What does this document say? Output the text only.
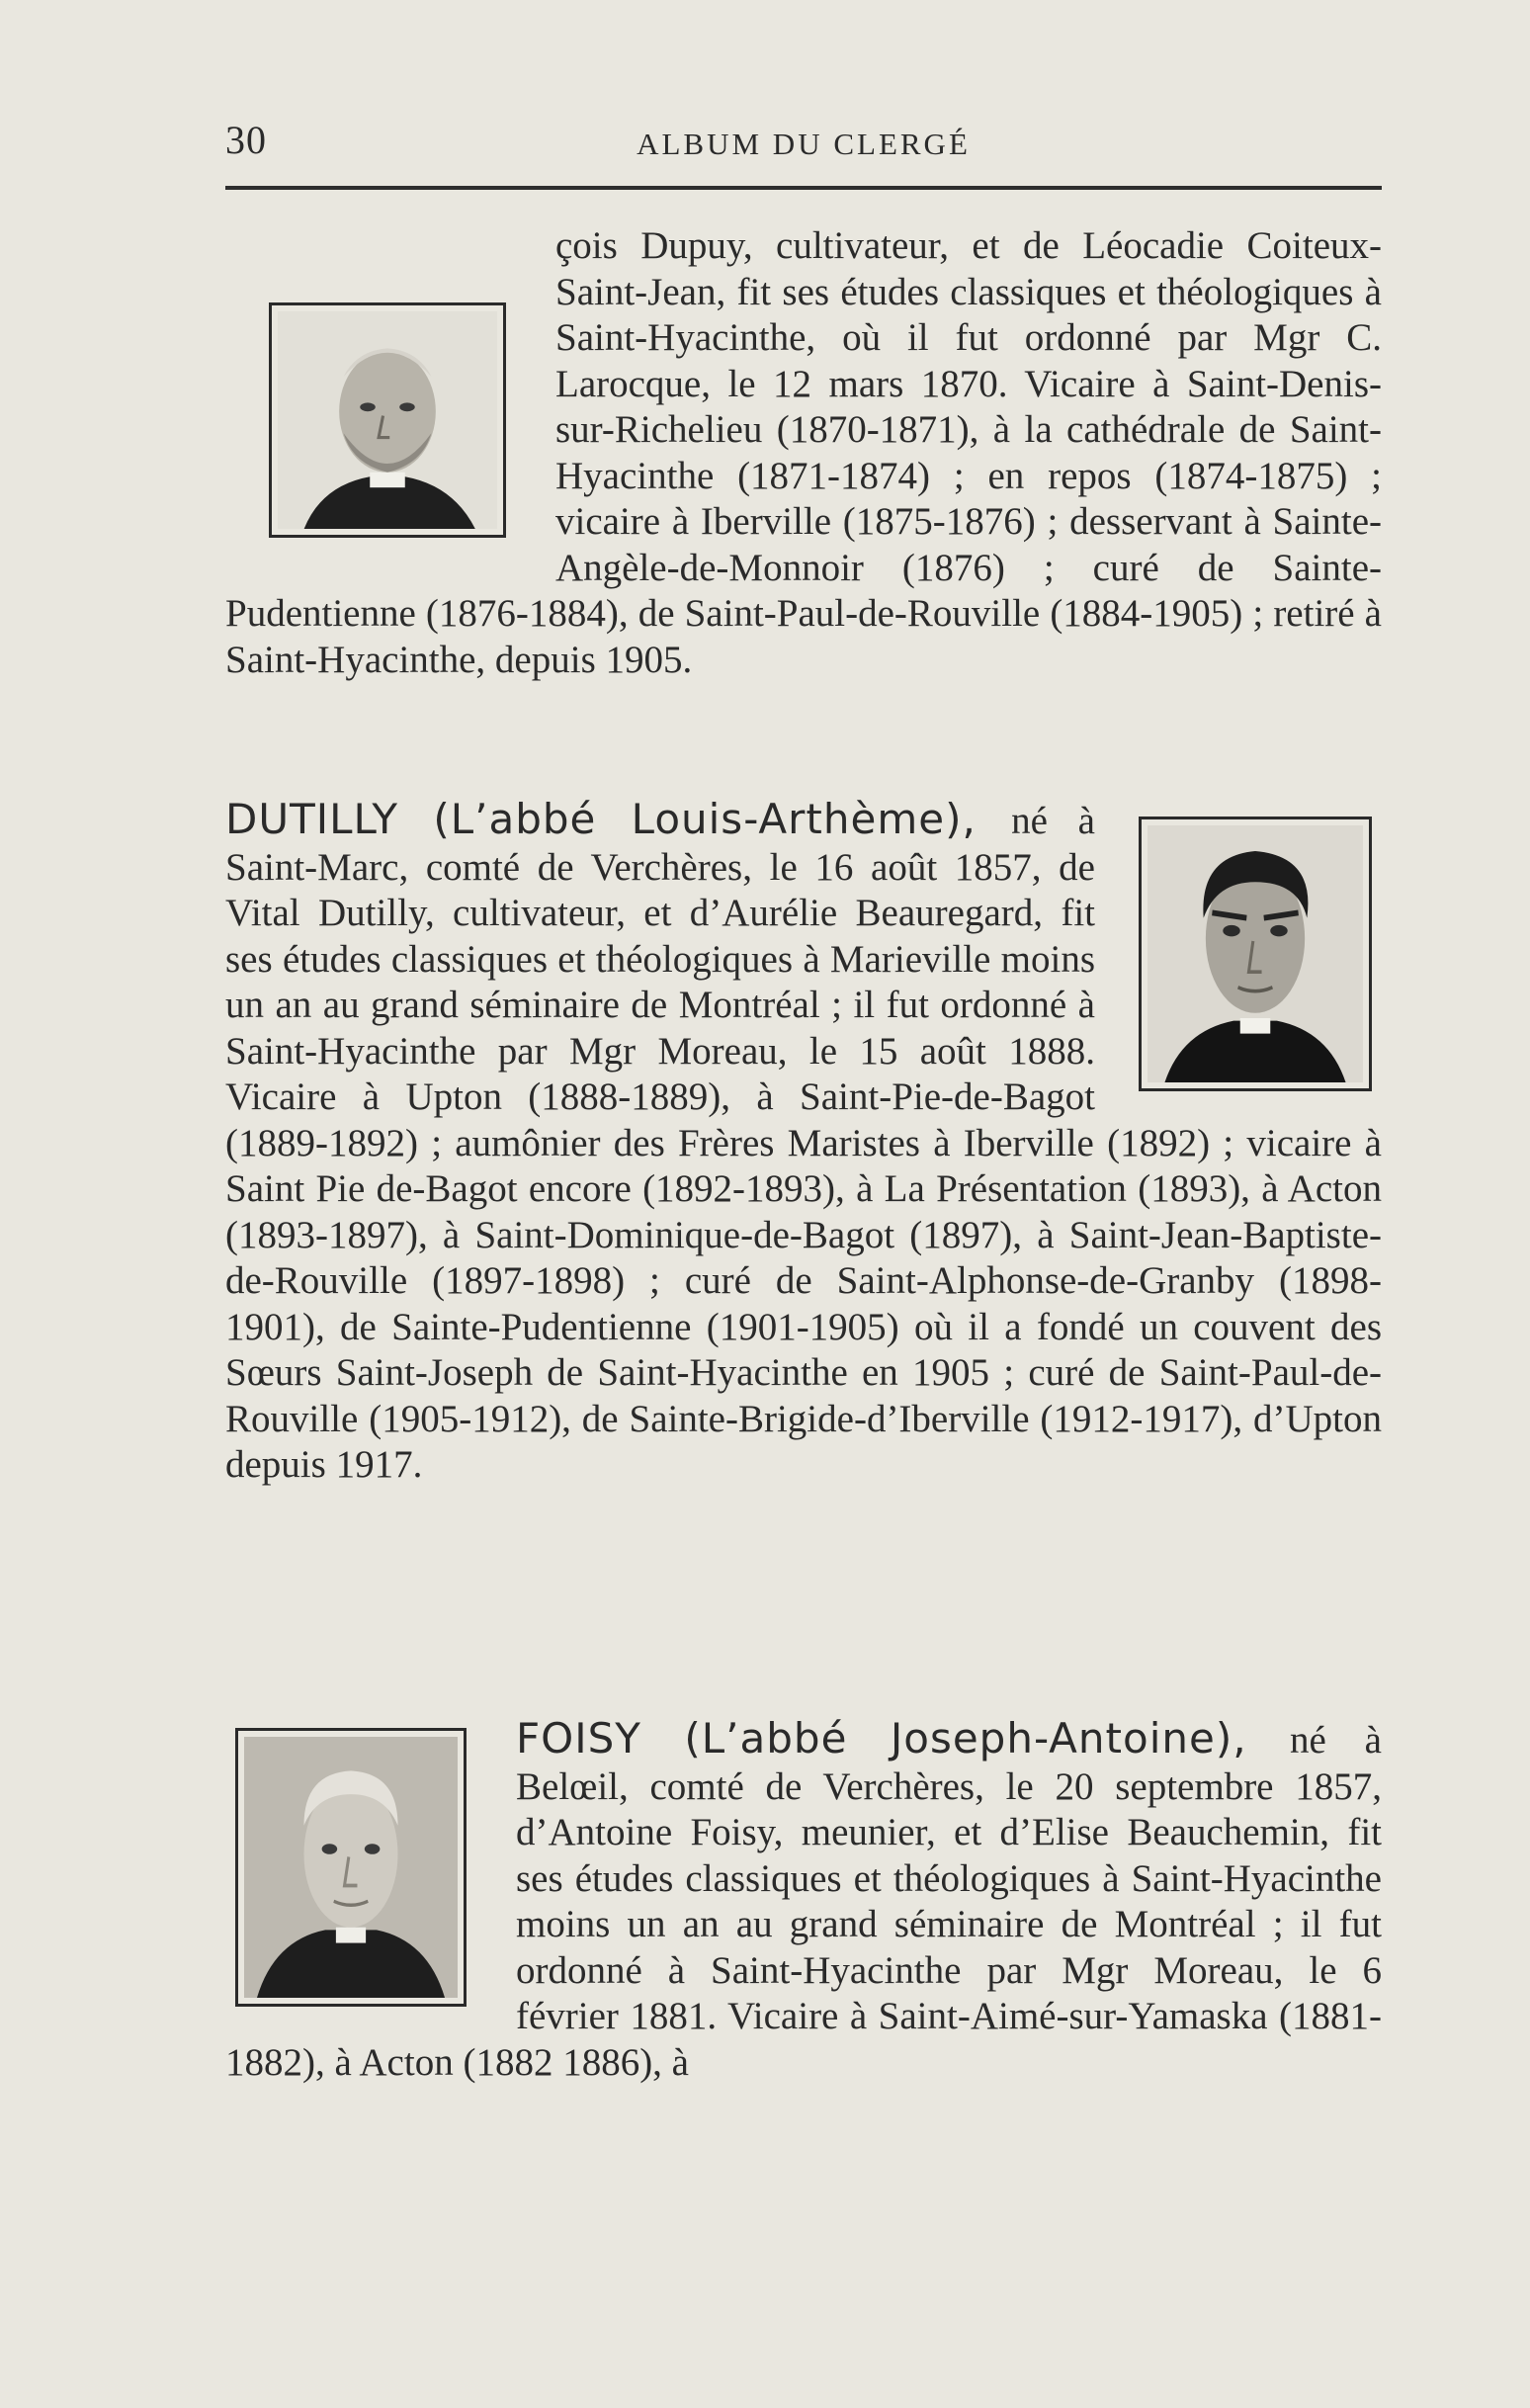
30	ALBUM DU CLERGÉ

çois Dupuy, cultivateur, et de Léocadie Coiteux-Saint-Jean, fit ses études classiques et théologiques à Saint-Hyacinthe, où il fut ordonné par Mgr C. Larocque, le 12 mars 1870. Vicaire à Saint-Denis-sur-Richelieu (1870-1871), à la cathédrale de Saint-Hyacinthe (1871-1874) ; en repos (1874-1875) ; vicaire à Iberville (1875-1876) ; desservant à Sainte-Angèle-de-Monnoir (1876) ; curé de Sainte-Pudentienne (1876-1884), de Saint-Paul-de-Rouville (1884-1905) ; retiré à Saint-Hyacinthe, depuis 1905.

DUTILLY (L’abbé Louis-Arthème), né à Saint-Marc, comté de Verchères, le 16 août 1857, de Vital Dutilly, cultivateur, et d’Aurélie Beauregard, fit ses études classiques et théologiques à Marieville moins un an au grand séminaire de Montréal ; il fut ordonné à Saint-Hyacinthe par Mgr Moreau, le 15 août 1888. Vicaire à Upton (1888-1889), à Saint-Pie-de-Bagot (1889-1892) ; aumônier des Frères Maristes à Iberville (1892) ; vicaire à Saint Pie de-Bagot encore (1892-1893), à La Présentation (1893), à Acton (1893-1897), à Saint-Dominique-de-Bagot (1897), à Saint-Jean-Baptiste-de-Rouville (1897-1898) ; curé de Saint-Alphonse-de-Granby (1898-1901), de Sainte-Pudentienne (1901-1905) où il a fondé un couvent des Sœurs Saint-Joseph de Saint-Hyacinthe en 1905 ; curé de Saint-Paul-de-Rouville (1905-1912), de Sainte-Brigide-d’Iberville (1912-1917), d’Upton depuis 1917.

FOISY (L’abbé Joseph-Antoine), né à Belœil, comté de Verchères, le 20 septembre 1857, d’Antoine Foisy, meunier, et d’Elise Beauchemin, fit ses études classiques et théologiques à Saint-Hyacinthe moins un an au grand séminaire de Montréal ; il fut ordonné à Saint-Hyacinthe par Mgr Moreau, le 6 février 1881. Vicaire à Saint-Aimé-sur-Yamaska (1881-1882), à Acton (1882 1886), à
